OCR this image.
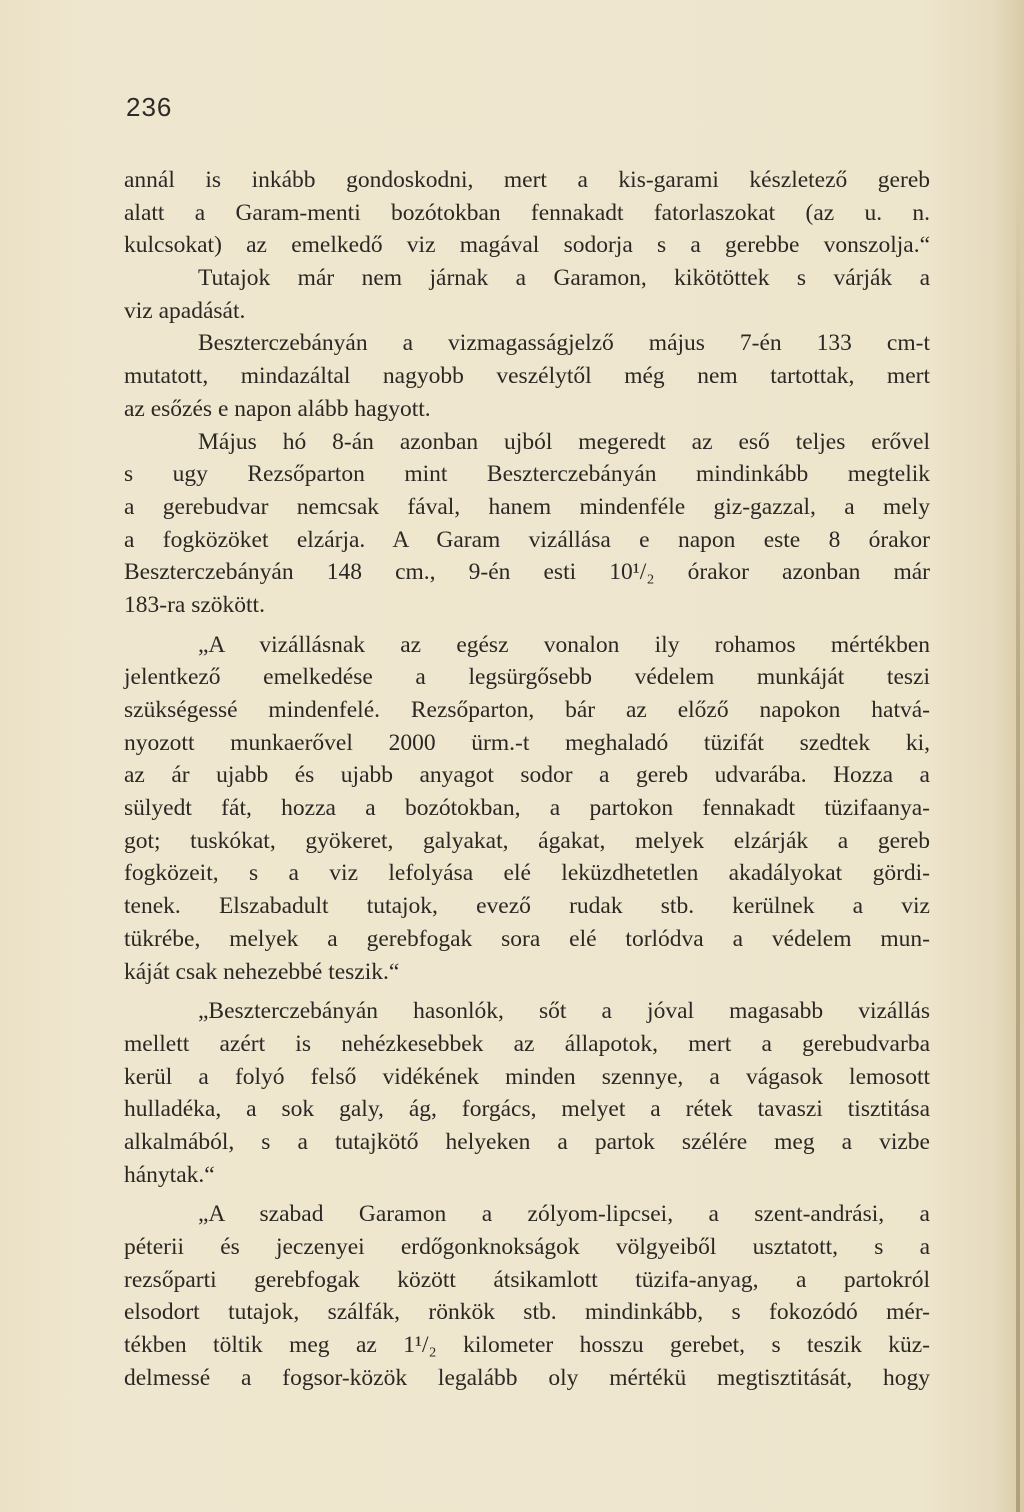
236
annál is inkább gondoskodni, mert a kis-garami készletező gereb
alatt a Garam-menti bozótokban fennakadt fatorlaszokat (az u. n.
kulcsokat) az emelkedő viz magával sodorja s a gerebbe vonszolja.“
Tutajok már nem járnak a Garamon, kikötöttek s várják a
viz apadását.
Beszterczebányán a vizmagasságjelző május 7-én 133 cm-t
mutatott, mindazáltal nagyobb veszélytől még nem tartottak, mert
az esőzés e napon alább hagyott.
Május hó 8-án azonban ujból megeredt az eső teljes erővel
s ugy Rezsőparton mint Beszterczebányán mindinkább megtelik
a gerebudvar nemcsak fával, hanem mindenféle giz-gazzal, a mely
a fogközöket elzárja. A Garam vizállása e napon este 8 órakor
Beszterczebányán 148 cm., 9-én esti 10¹/₂ órakor azonban már
183-ra szökött.
„A vizállásnak az egész vonalon ily rohamos mértékben
jelentkező emelkedése a legsürgősebb védelem munkáját teszi
szükségessé mindenfelé. Rezsőparton, bár az előző napokon hatvá-
nyozott munkaerővel 2000 ürm.-t meghaladó tüzifát szedtek ki,
az ár ujabb és ujabb anyagot sodor a gereb udvarába. Hozza a
sülyedt fát, hozza a bozótokban, a partokon fennakadt tüzifaanya-
got; tuskókat, gyökeret, galyakat, ágakat, melyek elzárják a gereb
fogközeit, s a viz lefolyása elé leküzdhetetlen akadályokat gördi-
tenek. Elszabadult tutajok, evező rudak stb. kerülnek a viz
tükrébe, melyek a gerebfogak sora elé torlódva a védelem mun-
káját csak nehezebbé teszik.“
„Beszterczebányán hasonlók, sőt a jóval magasabb vizállás
mellett azért is nehézkesebbek az állapotok, mert a gerebudvarba
kerül a folyó felső vidékének minden szennye, a vágasok lemosott
hulladéka, a sok galy, ág, forgács, melyet a rétek tavaszi tisztitása
alkalmából, s a tutajkötő helyeken a partok szélére meg a vizbe
hánytak.“
„A szabad Garamon a zólyom-lipcsei, a szent-andrási, a
péterii és jeczenyei erdőgonknokságok völgyeiből usztatott, s a
rezsőparti gerebfogak között átsikamlott tüzifa-anyag, a partokról
elsodort tutajok, szálfák, rönkök stb. mindinkább, s fokozódó mér-
tékben töltik meg az 1¹/₂ kilometer hosszu gerebet, s teszik küz-
delmessé a fogsor-közök legalább oly mértékü megtisztitását, hogy
